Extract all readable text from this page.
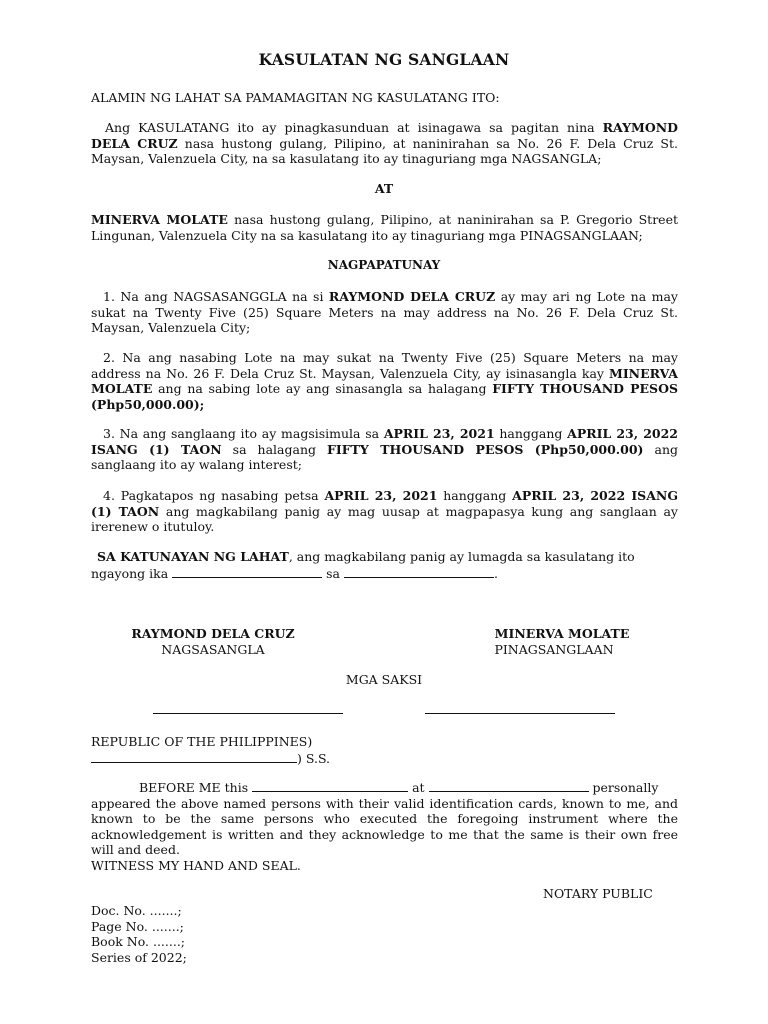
KASULATAN NG SANGLAAN
ALAMIN NG LAHAT SA PAMAMAGITAN NG KASULATANG ITO:
Ang KASULATANG ito ay pinagkasunduan at isinagawa sa pagitan nina RAYMOND DELA CRUZ nasa hustong gulang, Pilipino, at naninirahan sa No. 26 F. Dela Cruz St. Maysan, Valenzuela City, na sa kasulatang ito ay tinaguriang mga NAGSANGLA;
AT
MINERVA MOLATE nasa hustong gulang, Pilipino, at naninirahan sa P. Gregorio Street Lingunan, Valenzuela City na sa kasulatang ito ay tinaguriang mga PINAGSANGLAAN;
NAGPAPATUNAY
1. Na ang NAGSASANGGLA na si RAYMOND DELA CRUZ ay may ari ng Lote na may sukat na Twenty Five (25) Square Meters na may address na No. 26 F. Dela Cruz St. Maysan, Valenzuela City;
2. Na ang nasabing Lote na may sukat na Twenty Five (25) Square Meters na may address na No. 26 F. Dela Cruz St. Maysan, Valenzuela City, ay isinasangla kay MINERVA MOLATE ang na sabing lote ay ang sinasangla sa halagang FIFTY THOUSAND PESOS (Php50,000.00);
3. Na ang sanglaang ito ay magsisimula sa APRIL 23, 2021 hanggang APRIL 23, 2022 ISANG (1) TAON sa halagang FIFTY THOUSAND PESOS (Php50,000.00) ang sanglaang ito ay walang interest;
4. Pagkatapos ng nasabing petsa APRIL 23, 2021 hanggang APRIL 23, 2022 ISANG (1) TAON ang magkabilang panig ay mag uusap at magpapasya kung ang sanglaan ay irerenew o itutuloy.
SA KATUNAYAN NG LAHAT, ang magkabilang panig ay lumagda sa kasulatang ito
ngayong ika	sa	.
RAYMOND DELA CRUZ
NAGSASANGLA
MINERVA MOLATE
PINAGSANGLAAN
MGA SAKSI
REPUBLIC OF THE PHILIPPINES)
) S.S.
BEFORE ME this	at	personally
appeared the above named persons with their valid identification cards, known to me, and known to be the same persons who executed the foregoing instrument where the acknowledgement is written and they acknowledge to me that the same is their own free will and deed.
WITNESS MY HAND AND SEAL.
NOTARY PUBLIC
Doc. No. .......;
Page No. .......;
Book No. .......;
Series of 2022;
